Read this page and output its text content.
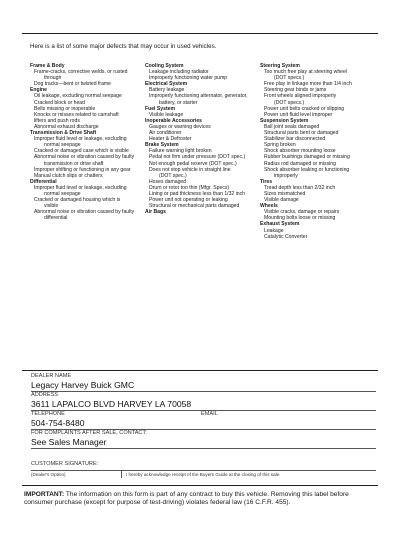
Here is a list of some major defects that may occur in used vehicles.
Frame & Body
Frame-cracks, corrective welds, or rusted
through
Dog tracks—bent or twisted frame
Engine
Oil leakage, excluding normal seepage
Cracked block or head
Belts missing or inoperable
Knocks or misses related to camshaft
lifters and push rods
Abnormal exhaust discharge
Transmission & Drive Shaft
Improper fluid level or leakage, excluding
normal seepage
Cracked or damaged case which is visible
Abnormal noise or vibration caused by faulty
transmission or drive shaft
Improper shifting or functioning in any gear
Manual clutch slips or chatters
Differential
Improper fluid level or leakage, excluding
normal seepage
Cracked or damaged housing which is
visible
Abnormal noise or vibration caused by faulty
differential
Cooling System
Leakage including radiator
Improperly functioning water pump
Electrical System
Battery leakage
Improperly functioning alternator, generator,
battery, or starter
Fuel System
Visible leakage
Inoperable Accessories
Gauges or warning devices
Air conditioner
Heater & Defroster
Brake System
Failure warning light broken
Pedal not firm under pressure (DOT spec.)
Not enough pedal reserve (DOT spec.)
Does not stop vehicle in straight line
(DOT spec.)
Hoses damaged
Drum or rotor too thin (Mfgr. Specs)
Lining or pad thickness less than 1/32 inch
Power unit not operating or leaking
Structural or mechanical parts damaged
Air Bags
Steering System
Too much free play at steering wheel
(DOT specs.)
Free play in linkage more than 1/4 inch
Steering gear binds or jams
Front wheels aligned improperly
(DOT specs.)
Power unit belts cracked or slipping
Power unit fluid level improper
Suspension System
Ball joint seals damaged
Structural parts bent or damaged
Stabilizer bar disconnected
Spring broken
Shock absorber mounting loose
Rubber bushings damaged or missing
Radius rod damaged or missing
Shock absorber leaking or functioning
improperly
Tires
Tread depth less than 2/32 inch
Sizes mismatched
Visible damage
Wheels
Visible cracks, damage or repairs
Mounting bolts loose or missing
Exhaust System
Leakage
Catalytic Converter
DEALER NAME
Legacy Harvey Buick GMC
ADDRESS
3611 LAPALCO BLVD HARVEY LA 70058
TELEPHONE	EMAIL
504-754-8480
FOR COMPLAINTS AFTER SALE, CONTACT:
See Sales Manager
CUSTOMER SIGNATURE:
(Dealer's Option)	I hereby acknowledge receipt of the Buyers Guide at the closing of this sale.
IMPORTANT: The information on this form is part of any contract to buy this vehicle. Removing this label before consumer purchase (except for purpose of test-driving) violates federal law (16 C.F.R. 455).
